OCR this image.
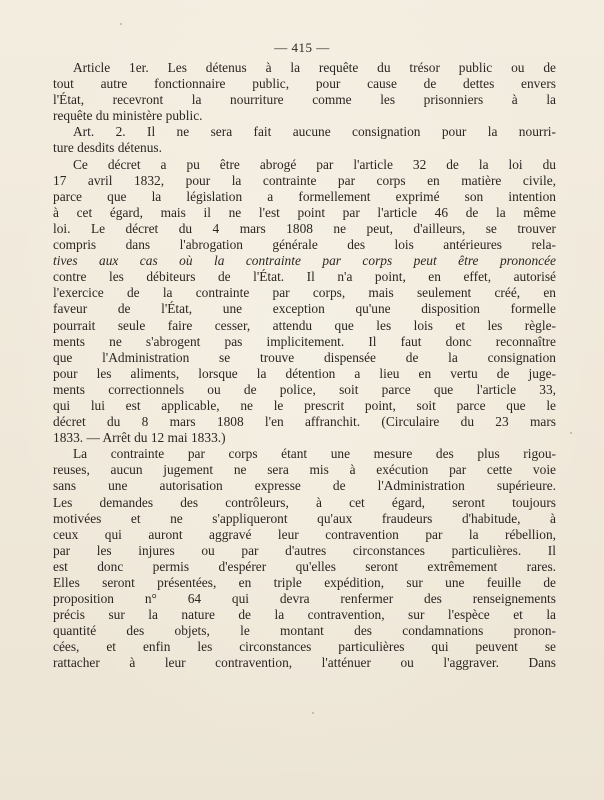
— 415 —
Article 1er. Les détenus à la requête du trésor public ou de
tout autre fonctionnaire public, pour cause de dettes envers
l'État, recevront la nourriture comme les prisonniers à la
requête du ministère public.
Art. 2. Il ne sera fait aucune consignation pour la nourri-
ture desdits détenus.
Ce décret a pu être abrogé par l'article 32 de la loi du
17 avril 1832, pour la contrainte par corps en matière civile,
parce que la législation a formellement exprimé son intention
à cet égard, mais il ne l'est point par l'article 46 de la même
loi. Le décret du 4 mars 1808 ne peut, d'ailleurs, se trouver
compris dans l'abrogation générale des lois antérieures rela-
tives aux cas où la contrainte par corps peut être prononcée
contre les débiteurs de l'État. Il n'a point, en effet, autorisé
l'exercice de la contrainte par corps, mais seulement créé, en
faveur de l'État, une exception qu'une disposition formelle
pourrait seule faire cesser, attendu que les lois et les règle-
ments ne s'abrogent pas implicitement. Il faut donc reconnaître
que l'Administration se trouve dispensée de la consignation
pour les aliments, lorsque la détention a lieu en vertu de juge-
ments correctionnels ou de police, soit parce que l'article 33,
qui lui est applicable, ne le prescrit point, soit parce que le
décret du 8 mars 1808 l'en affranchit. (Circulaire du 23 mars
1833. — Arrêt du 12 mai 1833.)
La contrainte par corps étant une mesure des plus rigou-
reuses, aucun jugement ne sera mis à exécution par cette voie
sans une autorisation expresse de l'Administration supérieure.
Les demandes des contrôleurs, à cet égard, seront toujours
motivées et ne s'appliqueront qu'aux fraudeurs d'habitude, à
ceux qui auront aggravé leur contravention par la rébellion,
par les injures ou par d'autres circonstances particulières. Il
est donc permis d'espérer qu'elles seront extrêmement rares.
Elles seront présentées, en triple expédition, sur une feuille de
proposition n° 64 qui devra renfermer des renseignements
précis sur la nature de la contravention, sur l'espèce et la
quantité des objets, le montant des condamnations pronon-
cées, et enfin les circonstances particulières qui peuvent se
rattacher à leur contravention, l'atténuer ou l'aggraver. Dans
